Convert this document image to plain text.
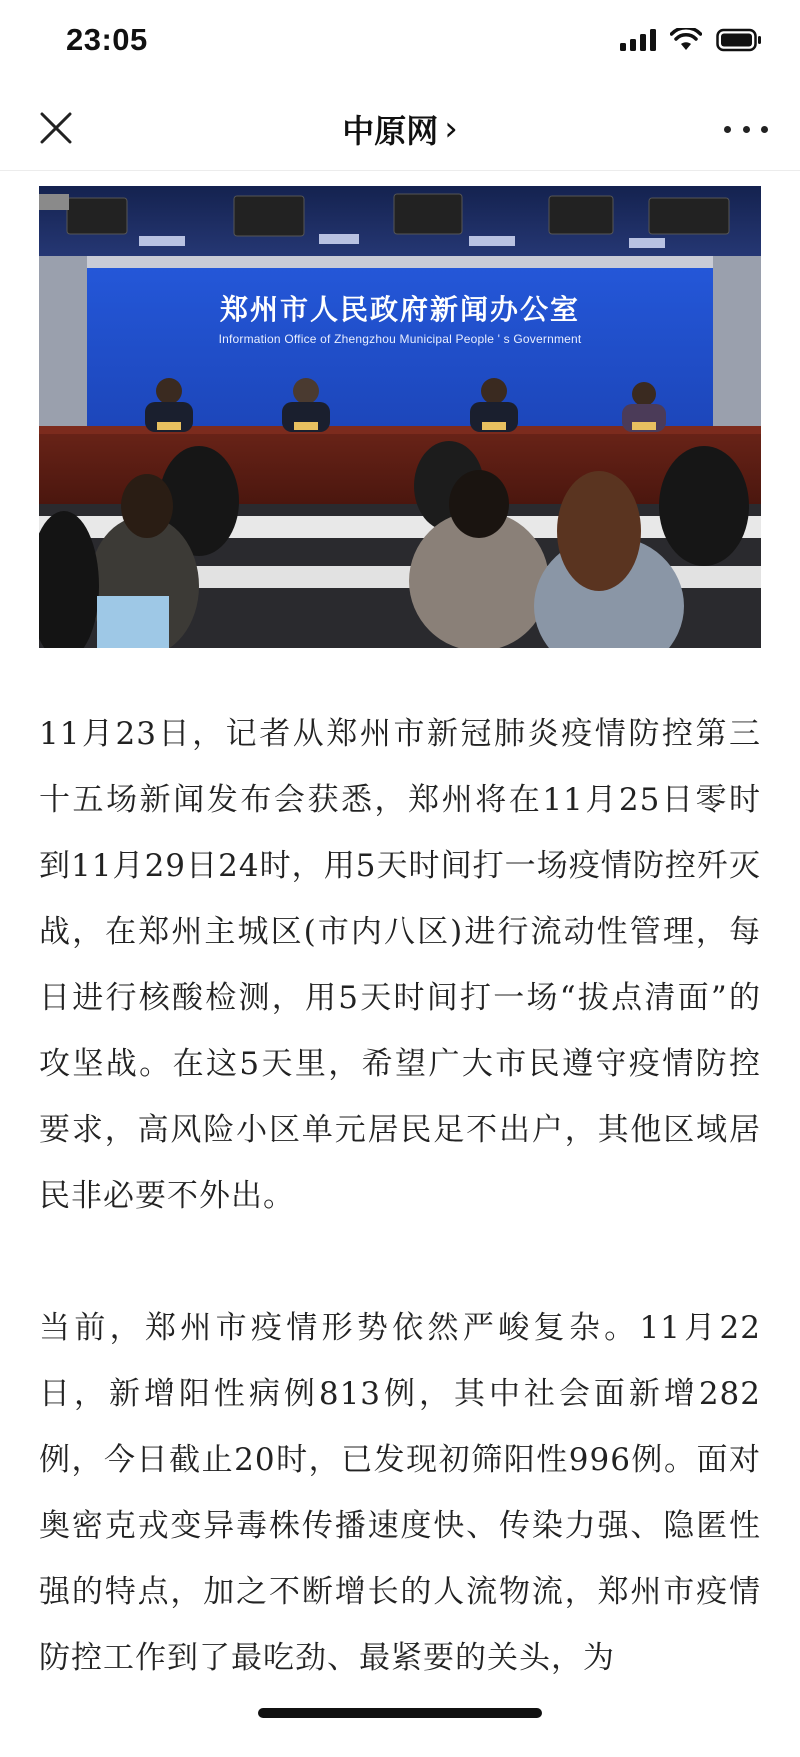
23:05
中原网 ›
郑州市人民政府新闻办公室
Information Office of Zhengzhou Municipal People ' s Government

11月23日，记者从郑州市新冠肺炎疫情防控第三十五场新闻发布会获悉，郑州将在11月25日零时到11月29日24时，用5天时间打一场疫情防控歼灭战，在郑州主城区(市内八区)进行流动性管理，每日进行核酸检测，用5天时间打一场“拔点清面”的攻坚战。在这5天里，希望广大市民遵守疫情防控要求，高风险小区单元居民足不出户，其他区域居民非必要不外出。

当前，郑州市疫情形势依然严峻复杂。11月22日，新增阳性病例813例，其中社会面新增282例，今日截止20时，已发现初筛阳性996例。面对奥密克戎变异毒株传播速度快、传染力强、隐匿性强的特点，加之不断增长的人流物流，郑州市疫情防控工作到了最吃劲、最紧要的关头，为
